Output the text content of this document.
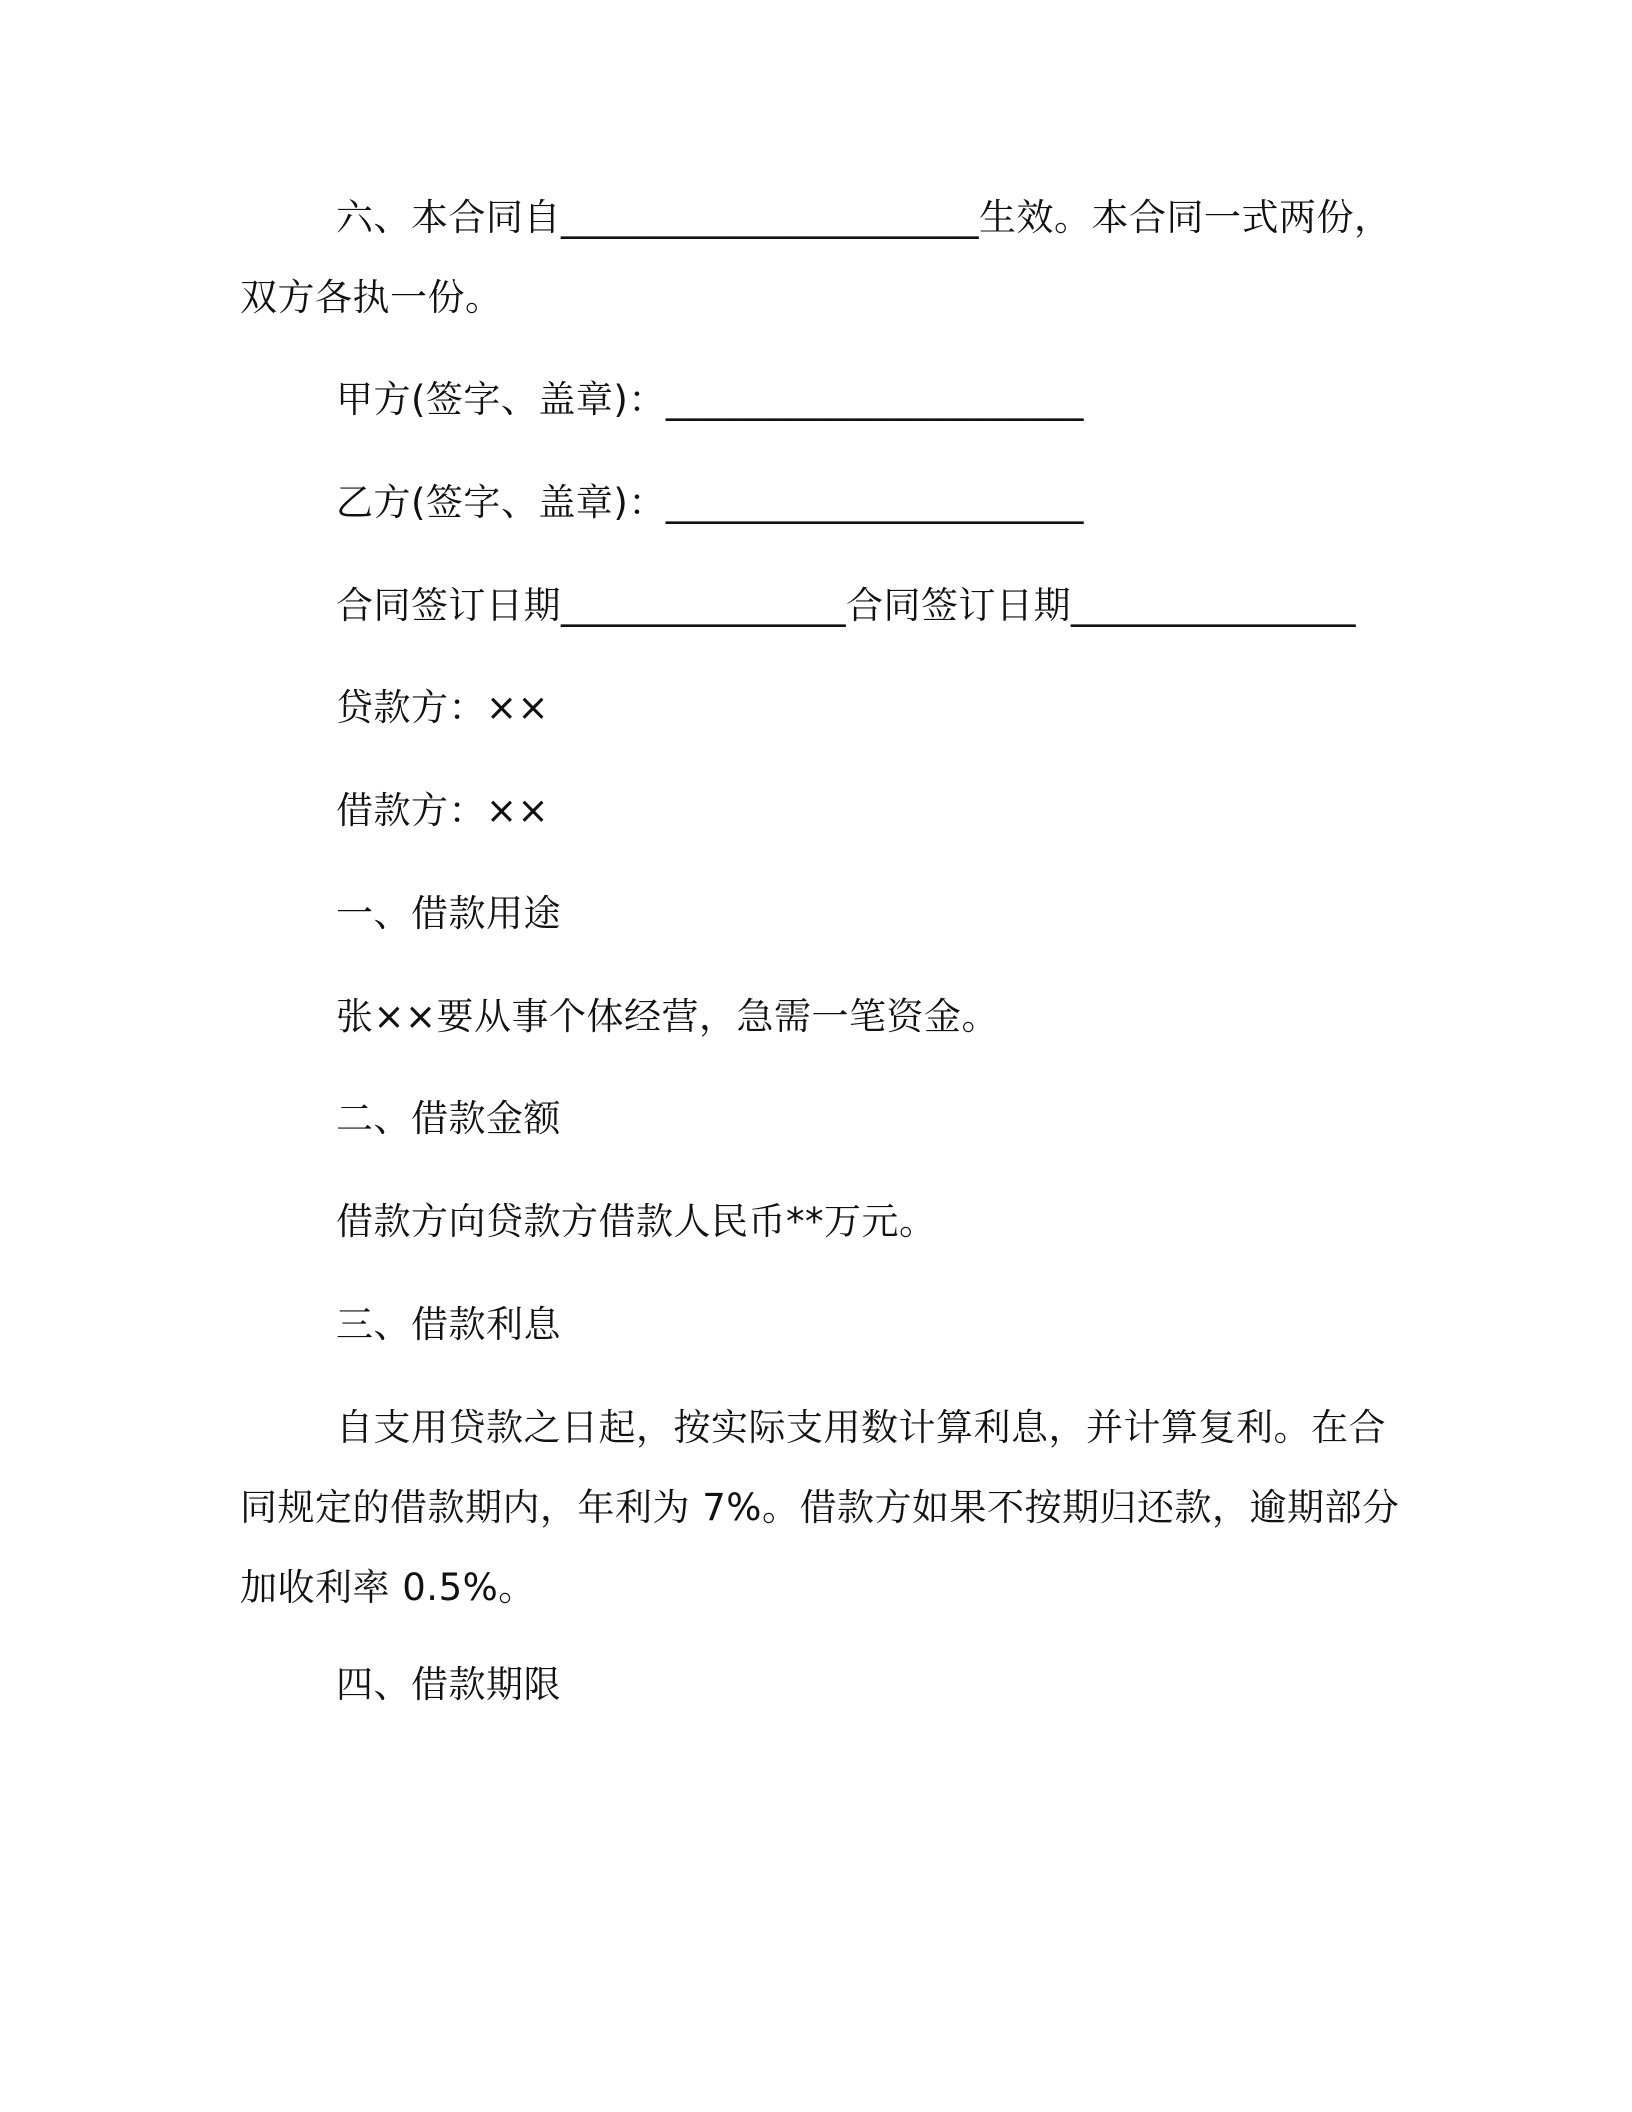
六、本合同自______________________生效。本合同一式两份，
双方各执一份。
甲方(签字、盖章)：______________________
乙方(签字、盖章)：______________________
合同签订日期_______________合同签订日期_______________
贷款方：××
借款方：××
一、借款用途
张××要从事个体经营，急需一笔资金。
二、借款金额
借款方向贷款方借款人民币**万元。
三、借款利息
自支用贷款之日起，按实际支用数计算利息，并计算复利。在合
同规定的借款期内，年利为 7%。借款方如果不按期归还款，逾期部分
加收利率 0.5%。
四、借款期限
